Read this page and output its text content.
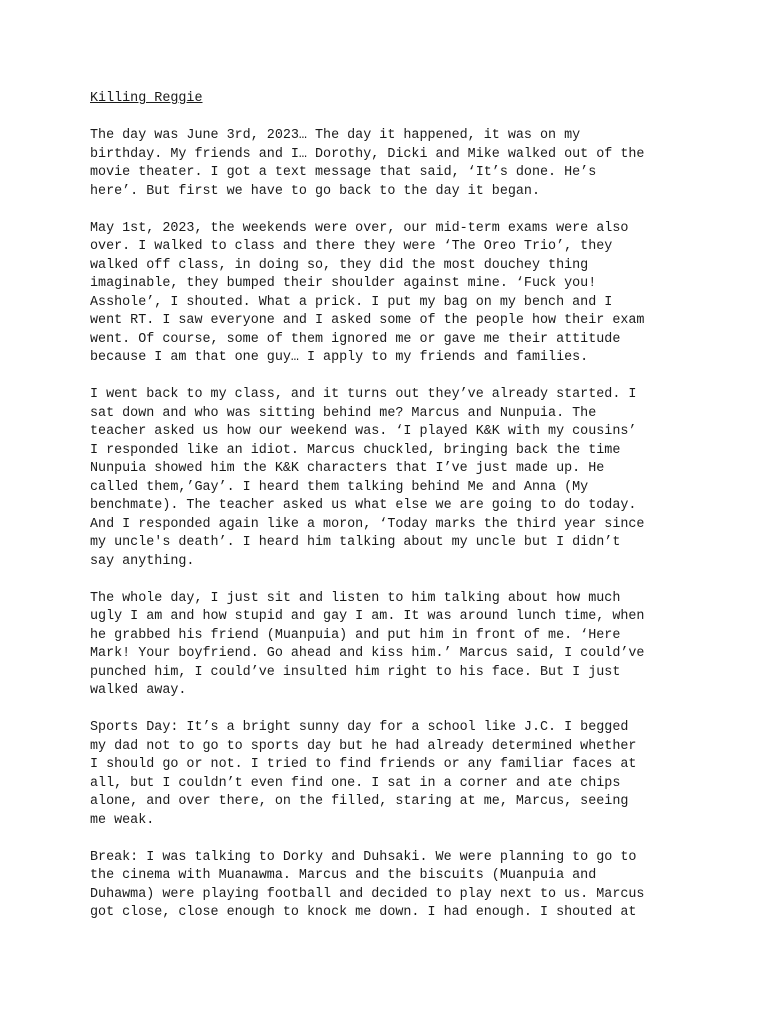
Killing Reggie
The day was June 3rd, 2023… The day it happened, it was on my
birthday. My friends and I… Dorothy, Dicki and Mike walked out of the
movie theater. I got a text message that said, ‘It’s done. He’s
here’. But first we have to go back to the day it began.
May 1st, 2023, the weekends were over, our mid-term exams were also
over. I walked to class and there they were ‘The Oreo Trio’, they
walked off class, in doing so, they did the most douchey thing
imaginable, they bumped their shoulder against mine. ‘Fuck you!
Asshole’, I shouted. What a prick. I put my bag on my bench and I
went RT. I saw everyone and I asked some of the people how their exam
went. Of course, some of them ignored me or gave me their attitude
because I am that one guy… I apply to my friends and families.
I went back to my class, and it turns out they’ve already started. I
sat down and who was sitting behind me? Marcus and Nunpuia. The
teacher asked us how our weekend was. ‘I played K&K with my cousins’
I responded like an idiot. Marcus chuckled, bringing back the time
Nunpuia showed him the K&K characters that I’ve just made up. He
called them,’Gay’. I heard them talking behind Me and Anna (My
benchmate). The teacher asked us what else we are going to do today.
And I responded again like a moron, ‘Today marks the third year since
my uncle's death’. I heard him talking about my uncle but I didn’t
say anything.
The whole day, I just sit and listen to him talking about how much
ugly I am and how stupid and gay I am. It was around lunch time, when
he grabbed his friend (Muanpuia) and put him in front of me. ‘Here
Mark! Your boyfriend. Go ahead and kiss him.’ Marcus said, I could’ve
punched him, I could’ve insulted him right to his face. But I just
walked away.
Sports Day: It’s a bright sunny day for a school like J.C. I begged
my dad not to go to sports day but he had already determined whether
I should go or not. I tried to find friends or any familiar faces at
all, but I couldn’t even find one. I sat in a corner and ate chips
alone, and over there, on the filled, staring at me, Marcus, seeing
me weak.
Break: I was talking to Dorky and Duhsaki. We were planning to go to
the cinema with Muanawma. Marcus and the biscuits (Muanpuia and
Duhawma) were playing football and decided to play next to us. Marcus
got close, close enough to knock me down. I had enough. I shouted at
